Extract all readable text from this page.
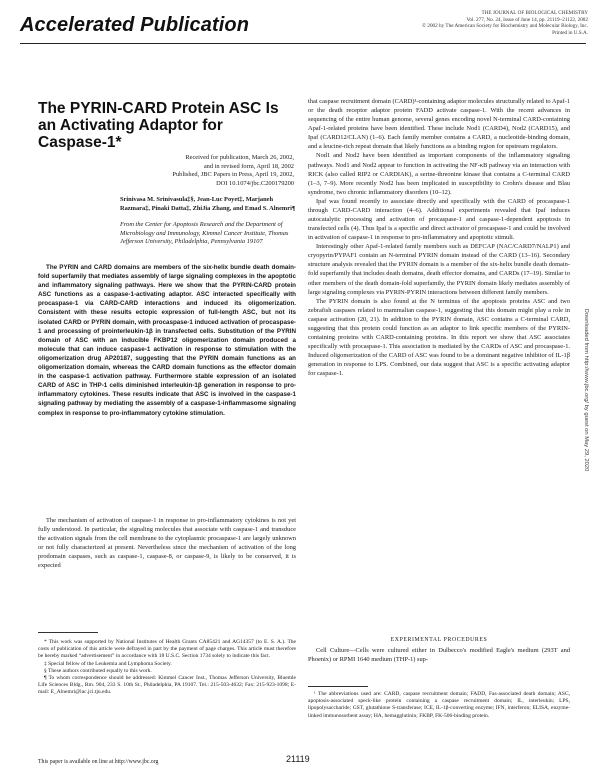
Accelerated Publication
THE JOURNAL OF BIOLOGICAL CHEMISTRY
Vol. 277, No. 24, Issue of June 14, pp. 21119–21122, 2002
© 2002 by The American Society for Biochemistry and Molecular Biology, Inc.
Printed in U.S.A.
The PYRIN-CARD Protein ASC Is an Activating Adaptor for Caspase-1*
Received for publication, March 26, 2002,
and in revised form, April 18, 2002
Published, JBC Papers in Press, April 19, 2002,
DOI 10.1074/jbc.C200179200
Srinivasa M. Srinivasula‡§, Jean-Luc Poyet‡, Marjaneh Razmara‡, Pinaki Datta‡, ZhiJia Zhang, and Emad S. Alnemri¶
From the Center for Apoptosis Research and the Department of Microbiology and Immunology, Kimmel Cancer Institute, Thomas Jefferson University, Philadelphia, Pennsylvania 19107
The PYRIN and CARD domains are members of the six-helix bundle death domain-fold superfamily that mediates assembly of large signaling complexes in the apoptotic and inflammatory signaling pathways. Here we show that the PYRIN-CARD protein ASC functions as a caspase-1-activating adaptor. ASC interacted specifically with procaspase-1 via CARD-CARD interactions and induced its oligomerization. Consistent with these results ectopic expression of full-length ASC, but not its isolated CARD or PYRIN domain, with procaspase-1 induced activation of procaspase-1 and processing of prointerleukin-1β in transfected cells. Substitution of the PYRIN domain of ASC with an inducible FKBP12 oligomerization domain produced a molecule that can induce caspase-1 activation in response to stimulation with the oligomerization drug AP20187, suggesting that the PYRIN domain functions as an oligomerization domain, whereas the CARD domain functions as the effector domain in the caspase-1 activation pathway. Furthermore stable expression of an isolated CARD of ASC in THP-1 cells diminished interleukin-1β generation in response to pro-inflammatory cytokines. These results indicate that ASC is involved in the caspase-1 signaling pathway by mediating the assembly of a caspase-1-inflammasome signaling complex in response to pro-inflammatory cytokine stimulation.
The mechanism of activation of caspase-1 in response to pro-inflammatory cytokines is not yet fully understood. In particular, the signaling molecules that associate with caspase-1 and transduce the activation signals from the cell membrane to the cytoplasmic procaspase-1 are largely unknown or not fully characterized at present. Nevertheless since the mechanism of activation of the long prodomain caspases, such as caspase-1, caspase-8, or caspase-9, is likely to be conserved, it is expected

* This work was supported by National Institutes of Health Grants CA85421 and AG14357 (to E. S. A.). The costs of publication of this article were defrayed in part by the payment of page charges. This article must therefore be hereby marked “advertisement” in accordance with 18 U.S.C. Section 1734 solely to indicate this fact.

‡ Special fellow of the Leukemia and Lymphoma Society.

§ These authors contributed equally to this work.

¶ To whom correspondence should be addressed: Kimmel Cancer Inst., Thomas Jefferson University, Bluemle Life Sciences Bldg., Rm. 904, 233 S. 10th St., Philadelphia, PA 19107. Tel.: 215-503-4632; Fax: 215-923-1098; E-mail: E_Alnemri@lac.jci.tju.edu.

that caspase recruitment domain (CARD)¹-containing adaptor molecules structurally related to Apaf-1 or the death receptor adaptor protein FADD activate caspase-1. With the recent advances in sequencing of the entire human genome, several genes encoding novel N-terminal CARD-containing Apaf-1-related proteins have been identified. These include Nod1 (CARD4), Nod2 (CARD15), and Ipaf (CARD12/CLAN) (1–6). Each family member contains a CARD, a nucleotide-binding domain, and a leucine-rich repeat domain that likely functions as a binding region for upstream regulators.

Nod1 and Nod2 have been identified as important components of the inflammatory signaling pathways. Nod1 and Nod2 appear to function in activating the NF-κB pathway via an interaction with RICK (also called RIP2 or CARDIAK), a serine-threonine kinase that contains a C-terminal CARD (1–3, 7–9). More recently Nod2 has been implicated in susceptibility to Crohn's disease and Blau syndrome, two chronic inflammatory disorders (10–12).

Ipaf was found recently to associate directly and specifically with the CARD of procaspase-1 through CARD-CARD interaction (4–6). Additional experiments revealed that Ipaf induces autocatalytic processing and activation of procaspase-1 and caspase-1-dependent apoptosis in transfected cells (4). Thus Ipaf is a specific and direct activator of procaspase-1 and could be involved in activation of caspase-1 in response to pro-inflammatory and apoptotic stimuli.

Interestingly other Apaf-1-related family members such as DEFCAP (NAC/CARD7/NALP1) and cryopyrin/PYPAF1 contain an N-terminal PYRIN domain instead of the CARD (13–16). Secondary structure analysis revealed that the PYRIN domain is a member of the six-helix bundle death domain-fold superfamily that includes death domains, death effector domains, and CARDs (17–19). Similar to other members of the death domain-fold superfamily, the PYRIN domain likely mediates assembly of large signaling complexes via PYRIN-PYRIN interactions between different family members.

The PYRIN domain is also found at the N terminus of the apoptosis proteins ASC and two zebrafish caspases related to mammalian caspase-1, suggesting that this domain might play a role in caspase activation (20, 21). In addition to the PYRIN domain, ASC contains a C-terminal CARD, suggesting that this protein could function as an adaptor to link specific members of the PYRIN-containing proteins with CARD-containing proteins. In this report we show that ASC associates specifically with procaspase-1. This association is mediated by the CARDs of ASC and procaspase-1. Induced oligomerization of the CARD of ASC was found to be a dominant negative inhibitor of IL-1β generation in response to LPS. Combined, our data suggest that ASC is a specific activating adaptor for caspase-1.

EXPERIMENTAL PROCEDURES
Cell Culture—Cells were cultured either in Dulbecco's modified Eagle's medium (293T and Phoenix) or RPMI 1640 medium (THP-1) sup-
¹ The abbreviations used are: CARD, caspase recruitment domain; FADD, Fas-associated death domain; ASC, apoptosis-associated speck-like protein containing a caspase recruitment domain; IL, interleukin; LPS, lipopolysaccharide; GST, glutathione S-transferase; ICE, IL-1β-converting enzyme; IFN, interferon; ELISA, enzyme-linked immunosorbent assay; HA, hemagglutinin; FKBP, FK-506-binding protein.
Downloaded from http://www.jbc.org/ by guest on May 29, 2020
This paper is available on line at http://www.jbc.org	21119
